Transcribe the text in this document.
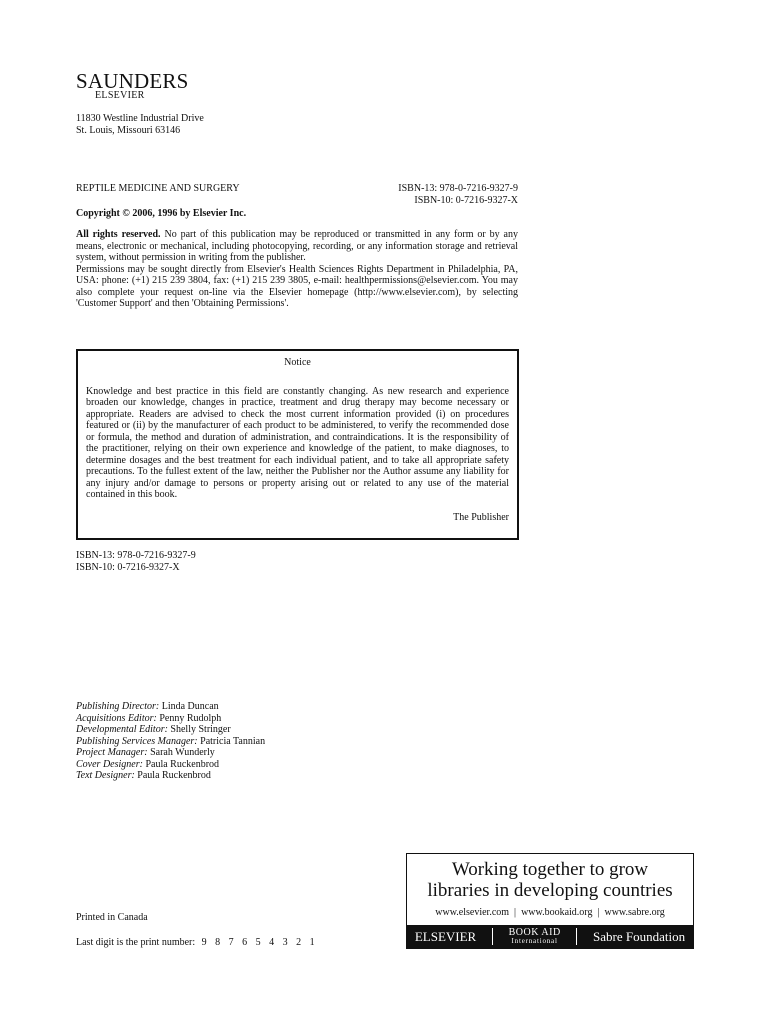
SAUNDERS
ELSEVIER
11830 Westline Industrial Drive
St. Louis, Missouri 63146
REPTILE MEDICINE AND SURGERY	ISBN-13: 978-0-7216-9327-9
ISBN-10: 0-7216-9327-X
Copyright © 2006, 1996 by Elsevier Inc.

All rights reserved. No part of this publication may be reproduced or transmitted in any form or by any means, electronic or mechanical, including photocopying, recording, or any information storage and retrieval system, without permission in writing from the publisher.

Permissions may be sought directly from Elsevier's Health Sciences Rights Department in Philadelphia, PA, USA: phone: (+1) 215 239 3804, fax: (+1) 215 239 3805, e-mail: healthpermissions@elsevier.com. You may also complete your request on-line via the Elsevier homepage (http://www.elsevier.com), by selecting 'Customer Support' and then 'Obtaining Permissions'.

Notice
Knowledge and best practice in this field are constantly changing. As new research and experience broaden our knowledge, changes in practice, treatment and drug therapy may become necessary or appropriate. Readers are advised to check the most current information provided (i) on procedures featured or (ii) by the manufacturer of each product to be administered, to verify the recommended dose or formula, the method and duration of administration, and contraindications. It is the responsibility of the practitioner, relying on their own experience and knowledge of the patient, to make diagnoses, to determine dosages and the best treatment for each individual patient, and to take all appropriate safety precautions. To the fullest extent of the law, neither the Publisher nor the Author assume any liability for any injury and/or damage to persons or property arising out or related to any use of the material contained in this book.
The Publisher
ISBN-13: 978-0-7216-9327-9
ISBN-10: 0-7216-9327-X
Publishing Director: Linda Duncan
Acquisitions Editor: Penny Rudolph
Developmental Editor: Shelly Stringer
Publishing Services Manager: Patricia Tannian
Project Manager: Sarah Wunderly
Cover Designer: Paula Ruckenbrod
Text Designer: Paula Ruckenbrod
Printed in Canada
Last digit is the print number: 9 8 7 6 5 4 3 2 1
Working together to grow
libraries in developing countries
www.elsevier.com | www.bookaid.org | www.sabre.org
ELSEVIER	BOOK AID
International	Sabre Foundation
